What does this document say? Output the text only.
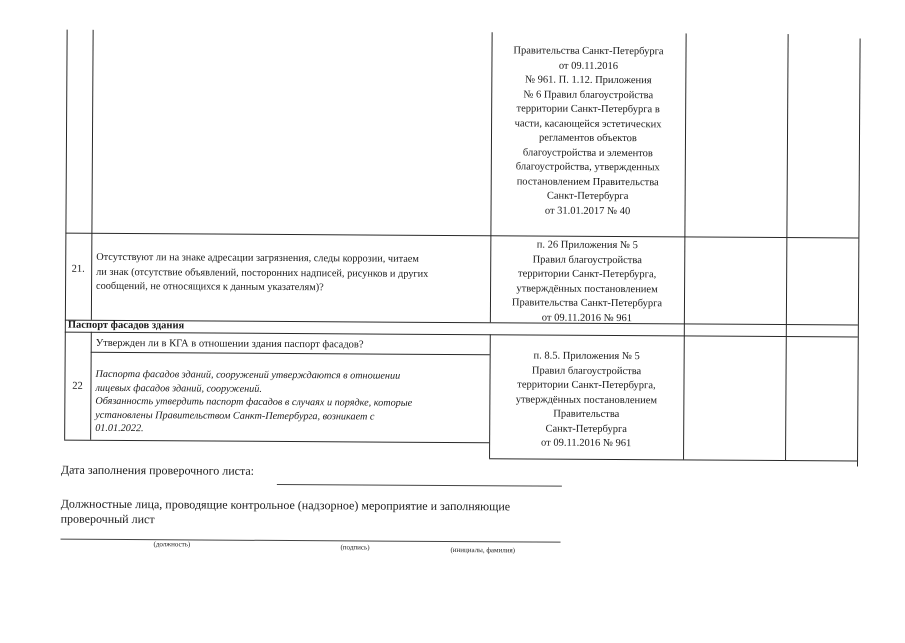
Правительства Санкт-Петербурга
от 09.11.2016
№ 961. П. 1.12. Приложения
№ 6 Правил благоустройства
территории Санкт-Петербурга в
части, касающейся эстетических
регламентов объектов
благоустройства и элементов
благоустройства, утвержденных
постановлением Правительства
Санкт-Петербурга
от 31.01.2017 № 40
21.
Отсутствуют ли на знаке адресации загрязнения, следы коррозии, читаем
ли знак (отсутствие объявлений, посторонних надписей, рисунков и других
сообщений, не относящихся к данным указателям)?
п. 26 Приложения № 5
Правил благоустройства
территории Санкт-Петербурга,
утверждённых постановлением
Правительства Санкт-Петербурга
от 09.11.2016 № 961
Паспорт фасадов здания
22
Утвержден ли в КГА в отношении здания паспорт фасадов?
Паспорта фасадов зданий, сооружений утверждаются в отношении
лицевых фасадов зданий, сооружений.
Обязанность утвердить паспорт фасадов в случаях и порядке, которые
установлены Правительством Санкт-Петербурга, возникает с
01.01.2022.
п. 8.5. Приложения № 5
Правил благоустройства
территории Санкт-Петербурга,
утверждённых постановлением
Правительства
Санкт-Петербурга
от 09.11.2016 № 961
Дата заполнения проверочного листа:
Должностные лица, проводящие контрольное (надзорное) мероприятие и заполняющие
проверочный лист
(должность)	(подпись)	(инициалы, фамилия)
